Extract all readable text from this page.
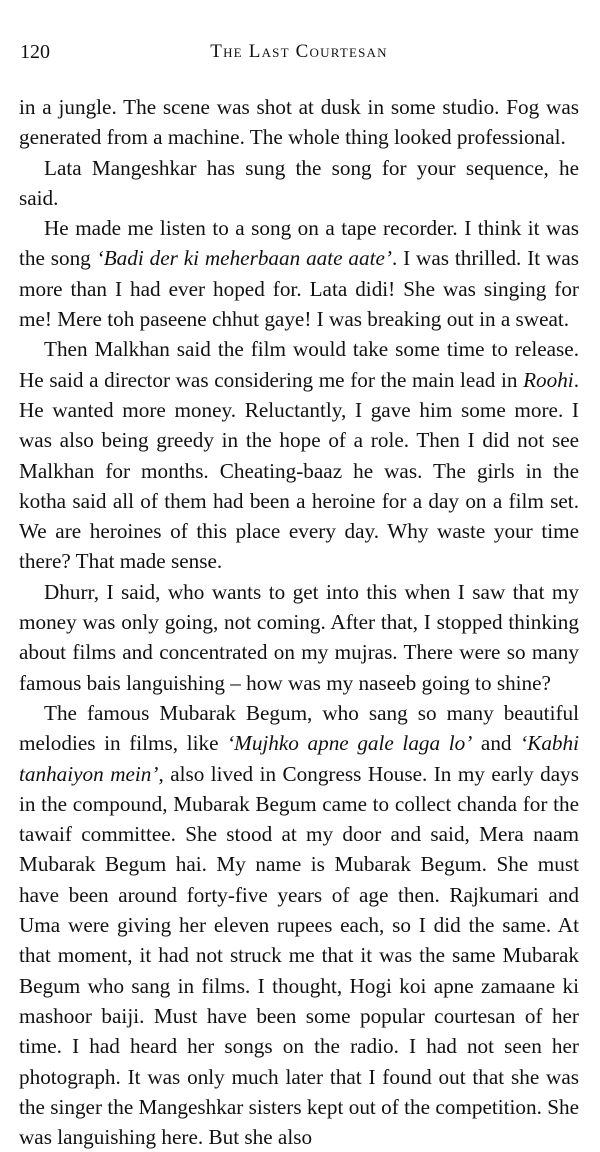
120	The Last Courtesan

in a jungle. The scene was shot at dusk in some studio. Fog was generated from a machine. The whole thing looked professional.

Lata Mangeshkar has sung the song for your sequence, he said.

He made me listen to a song on a tape recorder. I think it was the song ‘Badi der ki meherbaan aate aate’. I was thrilled. It was more than I had ever hoped for. Lata didi! She was singing for me! Mere toh paseene chhut gaye! I was breaking out in a sweat.

Then Malkhan said the film would take some time to release. He said a director was considering me for the main lead in Roohi. He wanted more money. Reluctantly, I gave him some more. I was also being greedy in the hope of a role. Then I did not see Malkhan for months. Cheating-baaz he was. The girls in the kotha said all of them had been a heroine for a day on a film set. We are heroines of this place every day. Why waste your time there? That made sense.

Dhurr, I said, who wants to get into this when I saw that my money was only going, not coming. After that, I stopped thinking about films and concentrated on my mujras. There were so many famous bais languishing – how was my naseeb going to shine?

The famous Mubarak Begum, who sang so many beautiful melodies in films, like ‘Mujhko apne gale laga lo’ and ‘Kabhi tanhaiyon mein’, also lived in Congress House. In my early days in the compound, Mubarak Begum came to collect chanda for the tawaif committee. She stood at my door and said, Mera naam Mubarak Begum hai. My name is Mubarak Begum. She must have been around forty-five years of age then. Rajkumari and Uma were giving her eleven rupees each, so I did the same. At that moment, it had not struck me that it was the same Mubarak Begum who sang in films. I thought, Hogi koi apne zamaane ki mashoor baiji. Must have been some popular courtesan of her time. I had heard her songs on the radio. I had not seen her photograph. It was only much later that I found out that she was the singer the Mangeshkar sisters kept out of the competition. She was languishing here. But she also
